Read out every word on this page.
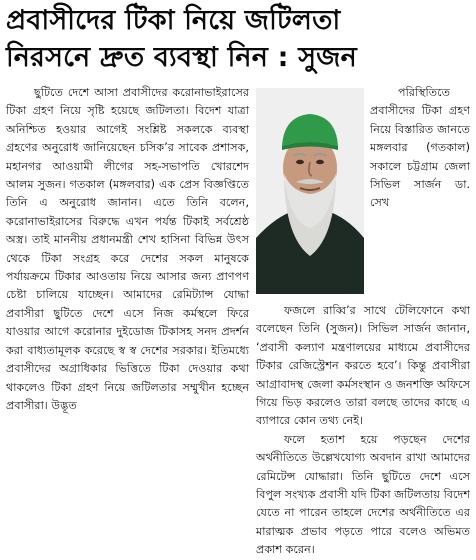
প্রবাসীদের টিকা নিয়ে জটিলতা
নিরসনে দ্রুত ব্যবস্থা নিন : সুজন

ছুটিতে দেশে আসা প্রবাসীদের করোনাভাইরাসের টিকা গ্রহণ নিয়ে সৃষ্টি হয়েছে জটিলতা। বিদেশ যাত্রা অনিশ্চিত হওয়ার আগেই সংশ্লিষ্ট সকলকে ব্যবস্থা গ্রহণের অনুরোধ জানিয়েছেন চসিক’র সাবেক প্রশাসক, মহানগর আওয়ামী লীগের সহ-সভাপতি খোরশেদ আলম সুজন। গতকাল (মঙ্গলবার) এক প্রেস বিজ্ঞপ্তিতে তিনি এ অনুরোধ জানান। এতে তিনি বলেন, করোনাভাইরাসের বিরুদ্ধে এখন পর্যন্ত টিকাই সর্বশ্রেষ্ঠ অস্ত্র। তাই মাননীয় প্রধানমন্ত্রী শেখ হাসিনা বিভিন্ন উৎস থেকে টিকা সংগ্রহ করে দেশের সকল মানুষকে পর্যায়ক্রমে টিকার আওতায় নিয়ে আসার জন্য প্রাণপণ চেষ্টা চালিয়ে যাচ্ছেন। আমাদের রেমিট্যান্স যোদ্ধা প্রবাসীরা ছুটিতে দেশে এসে নিজ কর্মস্থলে ফিরে যাওয়ার আগে করোনার দুইডোজ টিকাসহ সনদ প্রদর্শন করা বাধ্যতামূলক করেছে স্ব স্ব দেশের সরকার। ইতিমধ্যে প্রবাসীদের অগ্রাধিকার ভিত্তিতে টিকা দেওয়ার কথা থাকলেও টিকা গ্রহণ নিয়ে জটিলতার সম্মুখীন হচ্ছেন প্রবাসীরা। উদ্ভূত

পরিস্থিতিতে প্রবাসীদের টিকা গ্রহণ নিয়ে বিস্তারিত জানতে মঙ্গলবার (গতকাল) সকালে চট্টগ্রাম জেলা সিভিল সার্জন ডা. সেখ

ফজলে রাব্বি’র সাথে টেলিফোনে কথা বলেছেন তিনি (সুজন)। সিভিল সার্জন জানান, ‘প্রবাসী কল্যাণ মন্ত্রণালয়ের মাধ্যমে প্রবাসীদের টিকার রেজিস্ট্রেশন করতে হবে’। কিন্তু প্রবাসীরা আগ্রাবাদস্থ জেলা কর্মসংস্থান ও জনশক্তি অফিসে গিয়ে ভিড় করলেও তারা বলছে তাদের কাছে এ ব্যাপারে কোন তথ্য নেই।

ফলে হতাশ হয়ে পড়ছেন দেশের অর্থনীতিতে উল্লেখযোগ্য অবদান রাখা আমাদের রেমিটেন্স যোদ্ধারা। তিনি ছুটিতে দেশে এসে বিপুল সংখ্যক প্রবাসী যদি টিকা জটিলতায় বিদেশ যেতে না পারেন তাহলে দেশের অর্থনীতিতে এর মারাত্মক প্রভাব পড়তে পারে বলেও অভিমত প্রকাশ করেন।
